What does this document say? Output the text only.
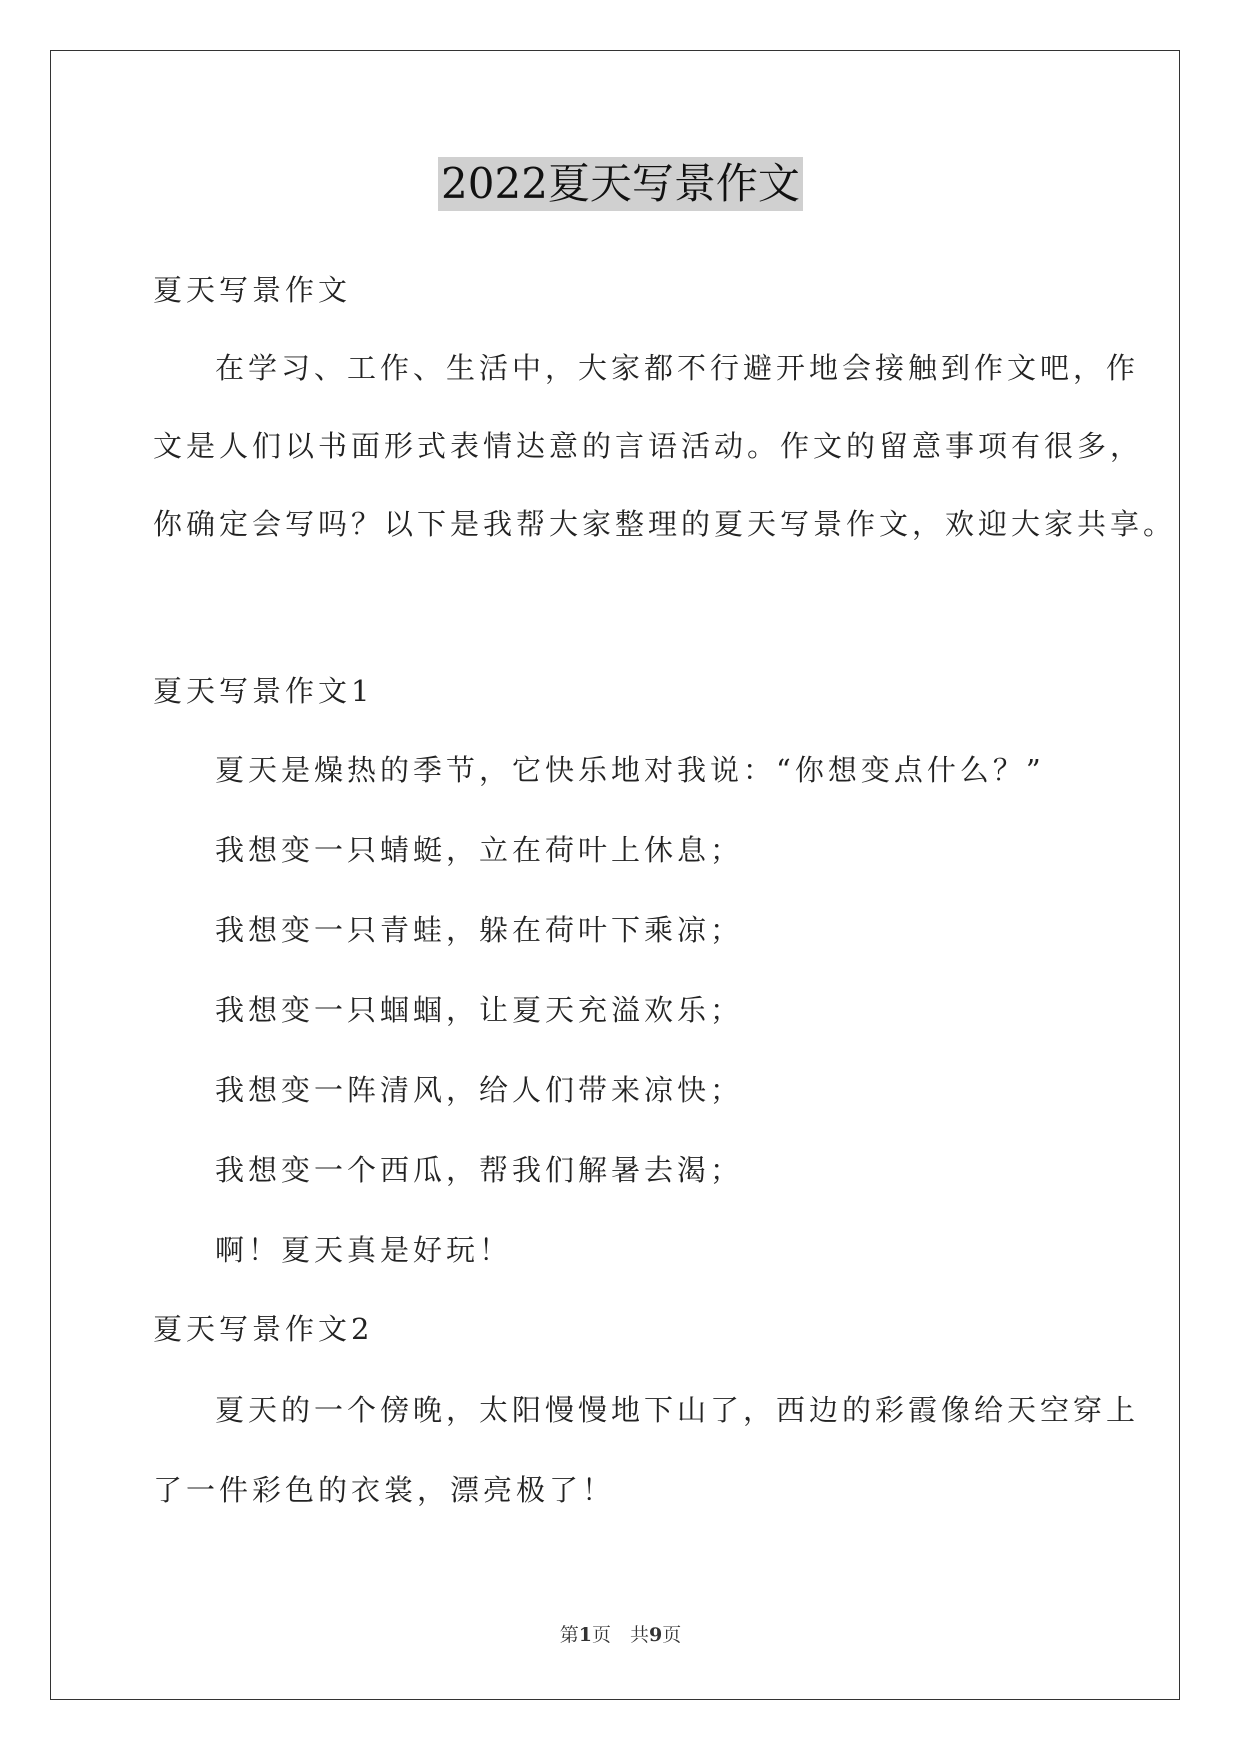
2022夏天写景作文
夏天写景作文
在学习、工作、生活中，大家都不行避开地会接触到作文吧，作
文是人们以书面形式表情达意的言语活动。作文的留意事项有很多，
你确定会写吗？以下是我帮大家整理的夏天写景作文，欢迎大家共享。
夏天写景作文1
夏天是燥热的季节，它快乐地对我说：“你想变点什么？”
我想变一只蜻蜓，立在荷叶上休息；
我想变一只青蛙，躲在荷叶下乘凉；
我想变一只蝈蝈，让夏天充溢欢乐；
我想变一阵清风，给人们带来凉快；
我想变一个西瓜，帮我们解暑去渴；
啊！夏天真是好玩！
夏天写景作文2
夏天的一个傍晚，太阳慢慢地下山了，西边的彩霞像给天空穿上
了一件彩色的衣裳，漂亮极了！
第1页　共9页
